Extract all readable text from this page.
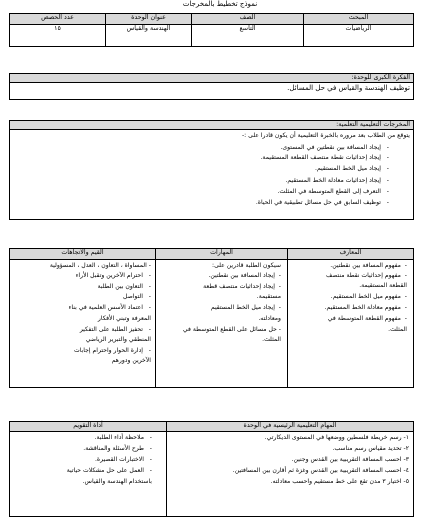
نموذج تخطيط بالمخرجات
المبحث
الصف
عنوان الوحدة
عدد الحصص
الرياضيات
التاسع
الهندسة والقياس
١٥
الفكرة الكبرى للوحدة:
توظيف الهندسة والقياس في حل المسائل.
المخرجات التعليمية التعلمية:
يتوقع من الطلاب بعد مروره بالخبرة التعليمية أن يكون قادرا على :-
-   إيجاد المسافة بين نقطتين في المستوى.
-   إيجاد إحداثيات نقطة منتصف القطعة المستقيمة.
-   إيجاد ميل الخط المستقيم.
-   إيجاد إحداثيات معادلة الخط المستقيم.
-   التعرف إلى القطع المتوسطة في المثلث.
-   توظيف السابق في حل مسائل تطبيقية في الحياة.
المعارف
المهارات
القيم والاتجاهات
-  مفهوم المسافة بين نقطتين.
-  مفهوم إحداثيات نقطة منتصف
القطعة المستقيمة.
-  مفهوم ميل الخط المستقيم.
-  مفهوم معادلة الخط المستقيم.
-  مفهوم القطعة المتوسطة في
المثلث.
سيكون الطلبة قادرين على:
-  إيجاد المسافة بين نقطتين.
-  إيجاد إحداثيات منتصف قطعة
مستقيمة.
-  إيجاد ميل الخط المستقيم
ومعادلته.
- حل مسائل على القطع المتوسطة في
المثلث.
- المساواة ، التعاون ، العدل ، المسؤولية
-   احترام الآخرين وتقبل الأراء
-   التعاون بين الطلبة
-   التواصل
-   اعتماد الأسس العلمية في بناء
المعرفة وتبني الأفكار
-   تحفيز الطلبة على التفكير
المنطقي والتبرير الرياضي
-   إدارة الحوار واحترام إجابات
الآخرين ودورهم
المهام التعليمية الرئيسية في الوحدة
أداة التقويم
١- رسم خريطة فلسطين ووضعها في المستوى الديكارتي.
٢- تحديد مقياس رسم مناسب.
٣- احسب المسافة التقريبية بين القدس وجنين.
٤- احسب المسافة التقريبية بين القدس وغزة ثم أقارن بين المسافتين.
٥- اختيار ٣ مدن تقع على خط مستقيم واحسب معادلته.
-   ملاحظة أداء الطلبة.
-   طرح الأسئلة والمناقشة.
-   الاختبارات القصيرة.
-   العمل على حل مشكلات حياتية
باستخدام الهندسة والقياس.
